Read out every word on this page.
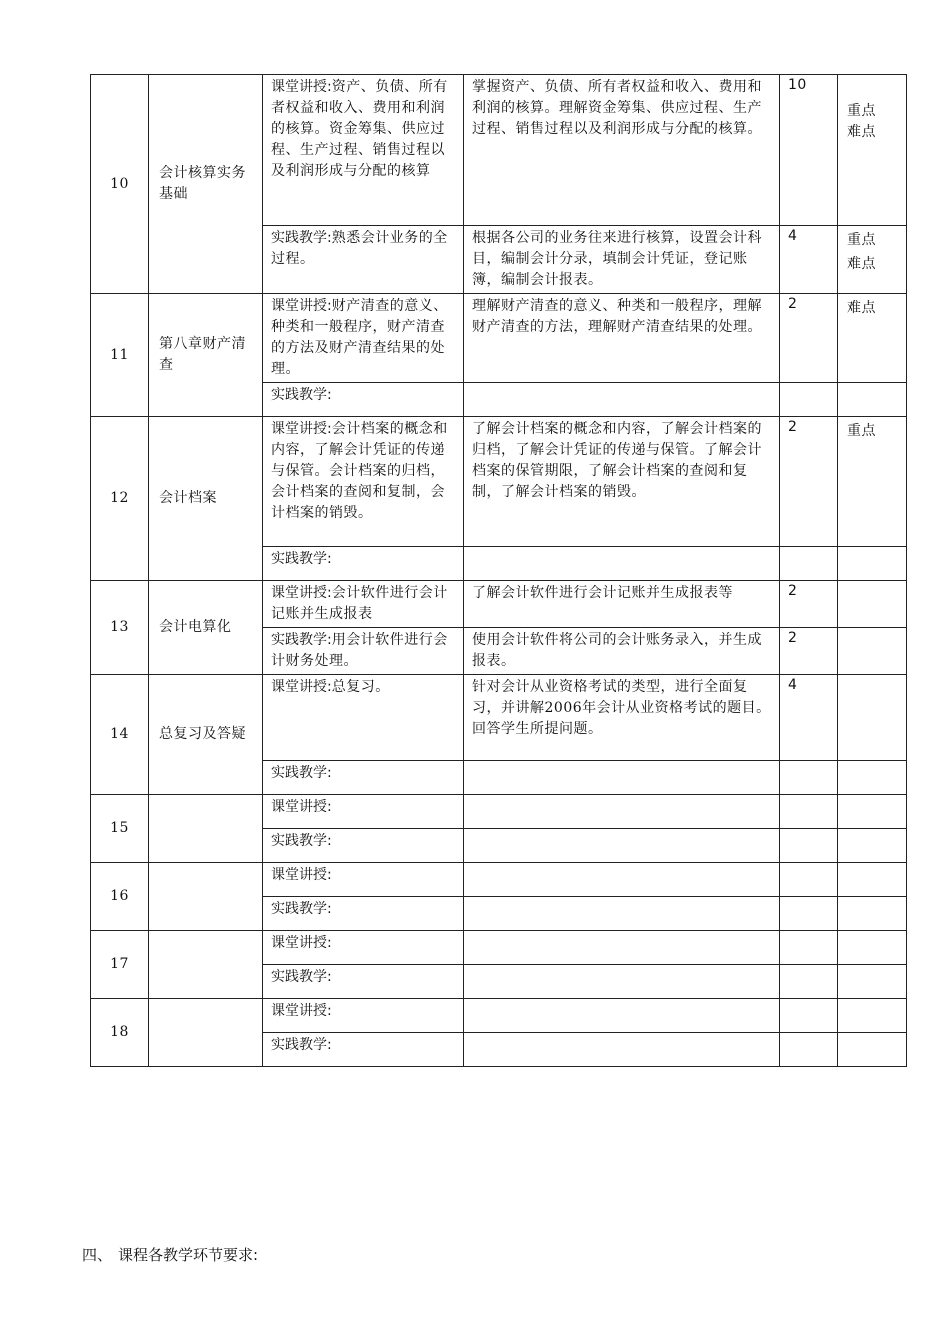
10	会计核算实务基础	课堂讲授:资产、负债、所有者权益和收入、费用和利润的核算。资金筹集、供应过程、生产过程、销售过程以及利润形成与分配的核算	掌握资产、负债、所有者权益和收入、费用和利润的核算。理解资金筹集、供应过程、生产过程、销售过程以及利润形成与分配的核算。	10	重点
难点
		实践教学:熟悉会计业务的全过程。	根据各公司的业务往来进行核算，设置会计科目，编制会计分录，填制会计凭证，登记账簿，编制会计报表。	4	重点
难点
11	第八章财产清查	课堂讲授:财产清查的意义、种类和一般程序，财产清查的方法及财产清查结果的处理。	理解财产清查的意义、种类和一般程序，理解财产清查的方法，理解财产清查结果的处理。	2	难点
		实践教学:			
12	会计档案	课堂讲授:会计档案的概念和内容，了解会计凭证的传递与保管。会计档案的归档，会计档案的查阅和复制，会计档案的销毁。	了解会计档案的概念和内容，了解会计档案的归档，了解会计凭证的传递与保管。了解会计档案的保管期限，了解会计档案的查阅和复制，了解会计档案的销毁。	2	重点
		实践教学:			
13	会计电算化	课堂讲授:会计软件进行会计记账并生成报表	了解会计软件进行会计记账并生成报表等	2	
		实践教学:用会计软件进行会计财务处理。	使用会计软件将公司的会计账务录入，并生成报表。	2	
14	总复习及答疑	课堂讲授:总复习。	针对会计从业资格考试的类型，进行全面复习，并讲解2006年会计从业资格考试的题目。回答学生所提问题。	4	
		实践教学:			
15		课堂讲授:			
		实践教学:			
16		课堂讲授:			
		实践教学:			
17		课堂讲授:			
		实践教学:			
18		课堂讲授:			
		实践教学:			
四、 课程各教学环节要求:
